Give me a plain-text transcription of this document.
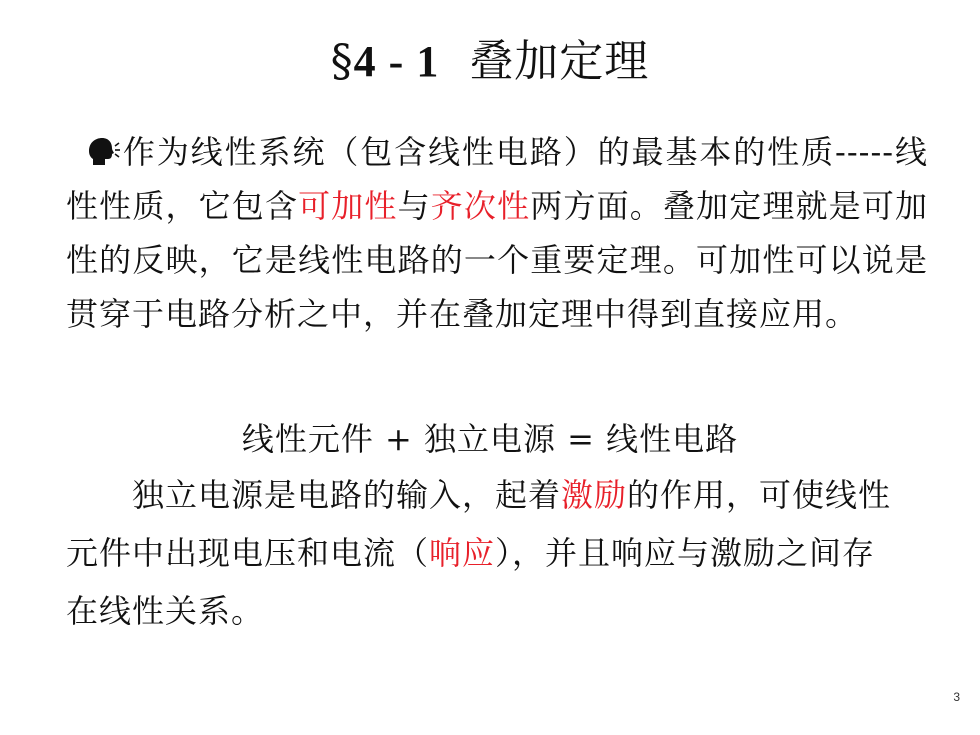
§4 - 1 叠加定理
作为线性系统（包含线性电路）的最基本的性质-----线性性质，它包含可加性与齐次性两方面。叠加定理就是可加性的反映，它是线性电路的一个重要定理。可加性可以说是贯穿于电路分析之中，并在叠加定理中得到直接应用。
线性元件 + 独立电源 = 线性电路
　　独立电源是电路的输入，起着激励的作用，可使线性元件中出现电压和电流（响应），并且响应与激励之间存在线性关系。
3
